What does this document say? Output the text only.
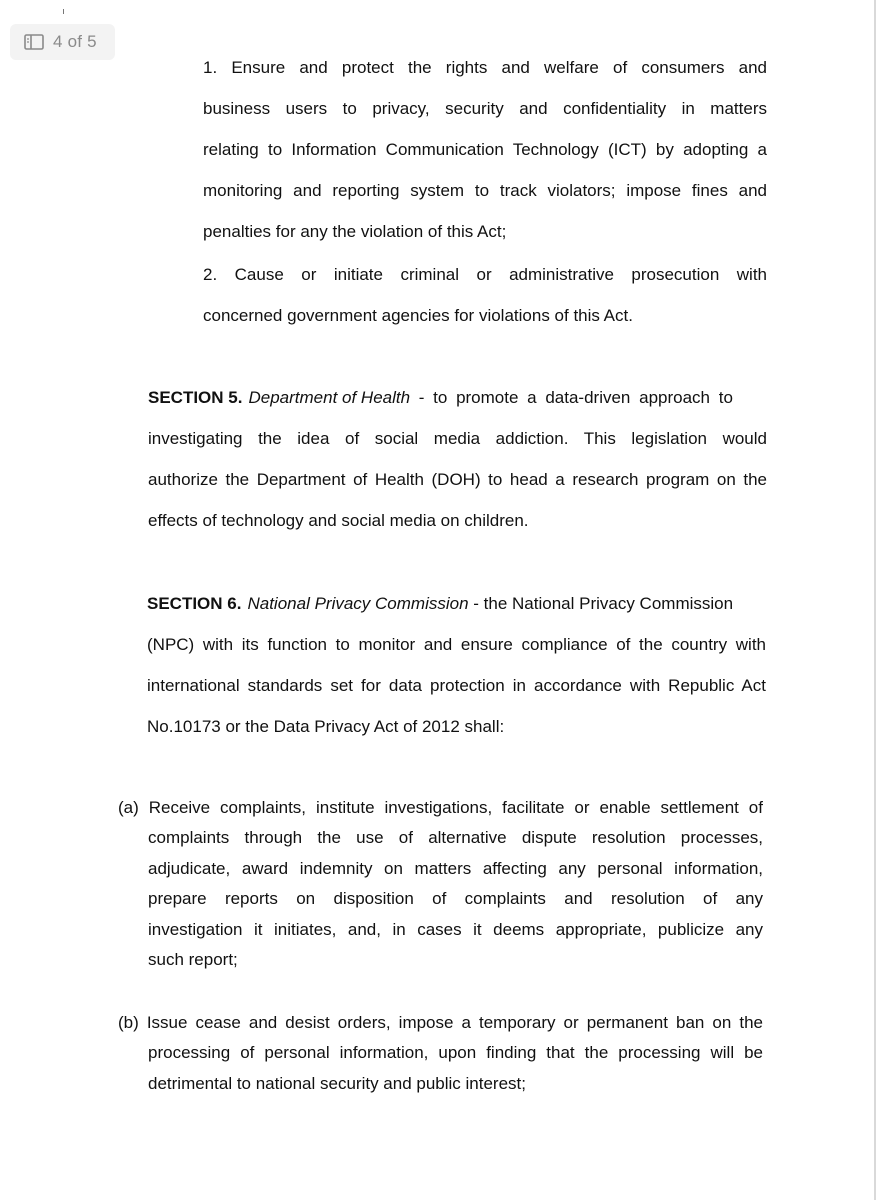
4 of 5
1. Ensure and protect the rights and welfare of consumers and
business users to privacy, security and confidentiality in matters
relating to Information Communication Technology (ICT) by adopting a
monitoring and reporting system to track violators; impose fines and
penalties for any the violation of this Act;
2. Cause or initiate criminal or administrative prosecution with
concerned government agencies for violations of this Act.
SECTION 5. Department of Health - to promote a data-driven approach to
investigating the idea of social media addiction. This legislation would
authorize the Department of Health (DOH) to head a research program on the
effects of technology and social media on children.
SECTION 6. National Privacy Commission - the National Privacy Commission
(NPC) with its function to monitor and ensure compliance of the country with
international standards set for data protection in accordance with Republic Act
No.10173 or the Data Privacy Act of 2012 shall:
(a) Receive complaints, institute investigations, facilitate or enable settlement of
complaints through the use of alternative dispute resolution processes,
adjudicate, award indemnity on matters affecting any personal information,
prepare reports on disposition of complaints and resolution of any
investigation it initiates, and, in cases it deems appropriate, publicize any
such report;
(b) Issue cease and desist orders, impose a temporary or permanent ban on the
processing of personal information, upon finding that the processing will be
detrimental to national security and public interest;
